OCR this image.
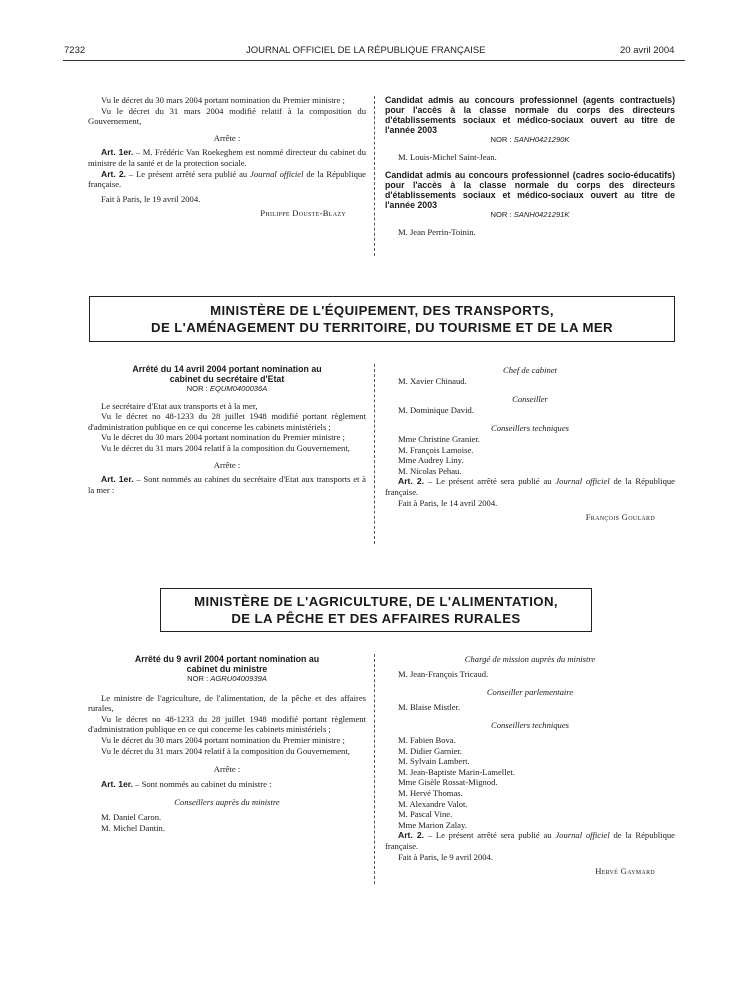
7232	JOURNAL OFFICIEL DE LA RÉPUBLIQUE FRANÇAISE	20 avril 2004

Vu le décret du 30 mars 2004 portant nomination du Premier ministre ;

Vu le décret du 31 mars 2004 modifié relatif à la composition du Gouvernement,

Arrête :

Art. 1er. – M. Frédéric Van Roekeghem est nommé directeur du cabinet du ministre de la santé et de la protection sociale.

Art. 2. – Le présent arrêté sera publié au Journal officiel de la République française.

Fait à Paris, le 19 avril 2004.

Philippe Douste-Blazy

Candidat admis au concours professionnel (agents contractuels) pour l'accès à la classe normale du corps des directeurs d'établissements sociaux et médico-sociaux ouvert au titre de l'année 2003

NOR : SANH0421290K

M. Louis-Michel Saint-Jean.

Candidat admis au concours professionnel (cadres socio-éducatifs) pour l'accès à la classe normale du corps des directeurs d'établissements sociaux et médico-sociaux ouvert au titre de l'année 2003

NOR : SANH0421291K

M. Jean Perrin-Toinin.

MINISTÈRE DE L'ÉQUIPEMENT, DES TRANSPORTS,
DE L'AMÉNAGEMENT DU TERRITOIRE, DU TOURISME ET DE LA MER

Arrêté du 14 avril 2004 portant nomination au cabinet du secrétaire d'Etat

NOR : EQUM0400036A

Le secrétaire d'Etat aux transports et à la mer,

Vu le décret no 48-1233 du 28 juillet 1948 modifié portant règlement d'administration publique en ce qui concerne les cabinets ministériels ;

Vu le décret du 30 mars 2004 portant nomination du Premier ministre ;

Vu le décret du 31 mars 2004 relatif à la composition du Gouvernement,

Arrête :

Art. 1er. – Sont nommés au cabinet du secrétaire d'Etat aux transports et à la mer :

Chef de cabinet

M. Xavier Chinaud.

Conseiller

M. Dominique David.

Conseillers techniques

Mme Christine Granier.

M. François Lamoise.

Mme Audrey Liny.

M. Nicolas Pehau.

Art. 2. – Le présent arrêté sera publié au Journal officiel de la République française.

Fait à Paris, le 14 avril 2004.

François Goulard

MINISTÈRE DE L'AGRICULTURE, DE L'ALIMENTATION,
DE LA PÊCHE ET DES AFFAIRES RURALES

Arrêté du 9 avril 2004 portant nomination au cabinet du ministre

NOR : AGRU0400939A

Le ministre de l'agriculture, de l'alimentation, de la pêche et des affaires rurales,

Vu le décret no 48-1233 du 28 juillet 1948 modifié portant règlement d'administration publique en ce qui concerne les cabinets ministériels ;

Vu le décret du 30 mars 2004 portant nomination du Premier ministre ;

Vu le décret du 31 mars 2004 relatif à la composition du Gouvernement,

Arrête :

Art. 1er. – Sont nommés au cabinet du ministre :

Conseillers auprès du ministre

M. Daniel Caron.

M. Michel Dantin.

Chargé de mission auprès du ministre

M. Jean-François Tricaud.

Conseiller parlementaire

M. Blaise Mistler.

Conseillers techniques

M. Fabien Bova.

M. Didier Garnier.

M. Sylvain Lambert.

M. Jean-Baptiste Marin-Lamellet.

Mme Gisèle Rossat-Mignod.

M. Hervé Thomas.

M. Alexandre Valot.

M. Pascal Vine.

Mme Marion Zalay.

Art. 2. – Le présent arrêté sera publié au Journal officiel de la République française.

Fait à Paris, le 9 avril 2004.

Hervé Gaymard
